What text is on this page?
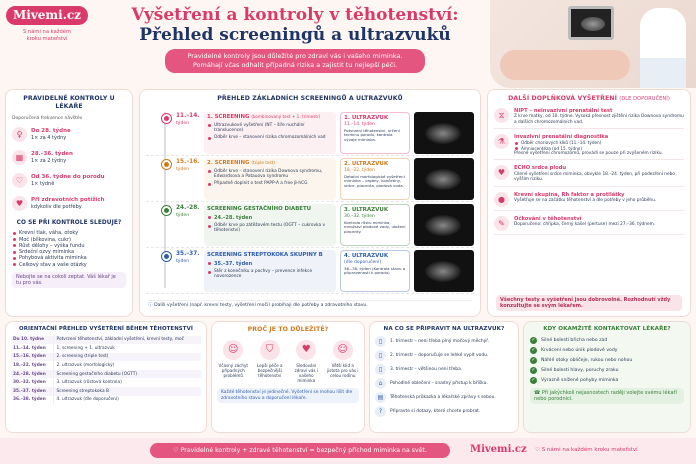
Mivemi.cz
S námi na každém
kroku mateřství
Vyšetření a kontroly v těhotenství:
Přehled screeningů a ultrazvuků
Pravidelné kontroly jsou důležité pro zdraví vás i vašeho miminka.
Pomáhají včas odhalit případná rizika a zajistit tu nejlepší péči.
PRAVIDELNÉ KONTROLY U LÉKAŘE
Doporučená frekvence návštěv
♀	Do 28. týdne
1× za 4 týdny
▦	28.–36. týden
1× za 2 týdny
♡	Od 36. týdne do porodu
1× týdně
♥	Při zdravotních potížích
kdykoliv dle potřeby
CO SE PŘI KONTROLE SLEDUJE?
Krevní tlak, váha, otoky
Moč (bílkovina, cukr)
Růst dělohy – výška fundu
Srdeční ozvy miminka
Pohybová aktivita miminka
Celkový stav a vaše otázky
Nebojte se na cokoli zeptat. Váš lékař je tu pro vás.
PŘEHLED ZÁKLADNÍCH SCREENINGŮ A ULTRAZVUKŮ
11.–14.
týden
1. SCREENING (kombinovaný test + 1. trimestr)
Ultrazvukové vyšetření (NT – šíře nuchální translucence)
Odběr krve – stanovení rizika chromozomálních vad
1. ULTRAZVUK
11.–14. týden
Potvrzení těhotenství, určení termínu porodu, kontrola vývoje miminka.
15.–16.
týden
2. SCREENING (triple test)
Odběr krve – stanovení rizika Downova syndromu, Edwardsova a Patauova syndromu
Případně doplnit o test PAPP-A a free β-hCG
2. ULTRAZVUK
18.–22. týden
Detailní morfologické vyšetření miminka – orgány, končetiny, srdce, placenta, plodová voda.
24.–28.
týden
SCREENING GESTAČNÍHO DIABETU
24.–28. týden
Odběr krve po zátěžovém testu (OGTT – cukrovka v těhotenství)
3. ULTRAZVUK
30.–32. týden
Kontrola růstu miminka, množství plodové vody, uložení placenty.
35.–37.
týden
SCREENING STREPTOKOKA SKUPINY B
35.–37. týden
Stěr z konečníku a pochvy – prevence infekce novorozence
4. ULTRAZVUK
(dle doporučení)
36.–38. týden (Kontrola stavu a připravenosti k porodu)
ⓘ Další vyšetření (např. krevní testy, vyšetření moči) probíhají dle potřeby a zdravotního stavu.
DALŠÍ DOPLŇKOVÁ VYŠETŘENÍ (DLE DOPORUČENÍ)
⧖	NIPT – neinvazivní prenatální test
Z krve matky, od 10. týdne. Vysoká přesnost zjištění rizika Downova syndromu a dalších chromozomálních vad.
⚗	Invazivní prenatální diagnostika
Odběr choriových klků (11.–14. týden)
Amniocentéza (od 15. týdne)
Přesné vyšetření chromozomů, provádí se pouze při zvýšeném riziku.
♥	ECHO srdce plodu
Cílené vyšetření srdce miminka, obvykle 18.–24. týden, při podezření nebo vyšším riziku.
●	Krevní skupina, Rh faktor a protilátky
Vyšetřuje se na začátku těhotenství a dle potřeby v jeho průběhu.
✎	Očkování v těhotenství
Doporučeno: chřipka, černý kašel (pertuse) mezi 27.–36. týdnem.
Všechny testy a vyšetření jsou dobrovolné. Rozhodnutí vždy konzultujte se svým lékařem.
ORIENTAČNÍ PŘEHLED VYŠETŘENÍ BĚHEM TĚHOTENSTVÍ
Do 10. týdne	Potvrzení těhotenství, základní vyšetření, krevní testy, moč
11.–14. týden	1. screening + 1. ultrazvuk
15.–16. týden	2. screening (triple test)
18.–22. týden	2. ultrazvuk (morfologický)
24.–28. týden	Screening gestačního diabetu (OGTT)
30.–32. týden	3. ultrazvuk (růstová kontrola)
35.–37. týden	Screening streptokoka B
36.–38. týden	4. ultrazvuk (dle doporučení)
PROČ JE TO DŮLEŽITÉ?
☺
Včasný záchyt případných problémů
⛉
Lepší péče a bezpečnější těhotenství
♥
Sledování zdraví vás i vašeho miminka
☺
Větší klid a jistota pro vás i celou rodinu
Každé těhotenství je jedinečné. Vyšetření se mohou lišit dle zdravotního stavu a doporučení lékaře.
NA CO SE PŘIPRAVIT NA ULTRAZVUK?
▯	1. trimestr – není třeba plný močový měchýř.
▯	2. trimestr – doporučuje se lehké vypít vodu.
▯	3. trimestr – většinou není třeba.
⌂	Pohodlné oblečení – snadný přístup k bříšku.
▤	Těhotenská průkazka a lékařské zprávy s sebou.
?	Připravte si dotazy, které chcete probrat.
KDY OKAMŽITĚ KONTAKTOVAT LÉKAŘE?
✓	Silné bolesti břicha nebo zad
✓	Krvácení nebo únik plodové vody
✓	Náhlé otoky obličeje, rukou nebo nohou
✓	Silné bolesti hlavy, poruchy zraku
✓	Výrazně snížené pohyby miminka
☎ Při jakýchkoli nejasnostech raději volejte svému lékaři nebo porodnici.
♡ Pravidelné kontroly + zdravé těhotenství = bezpečný příchod miminka na svět.	Mivemi.cz ♡ S námi na každém kroku mateřství
